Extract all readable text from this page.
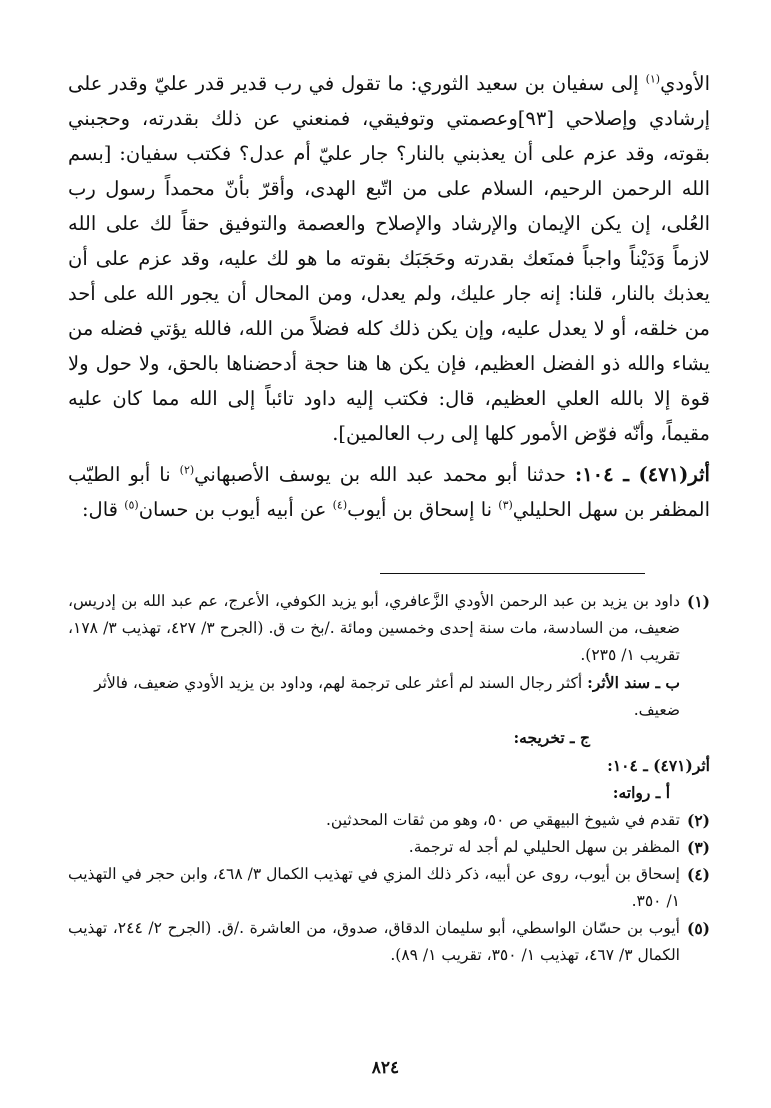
الأودي$^{(١)}$ إلى سفيان بن سعيد الثوري: ما تقول في رب قدير قدر عليّ وقدر على إرشادي وإصلاحي [٩٣]وعصمتي وتوفيقي، فمنعني عن ذلك بقدرته، وحجبني بقوته، وقد عزم على أن يعذبني بالنار؟ جار عليّ أم عدل؟ فكتب سفيان: [بسم الله الرحمن الرحيم، السلام على من اتّبع الهدى، وأقرّ بأنّ محمداً رسول رب العُلى، إن يكن الإيمان والإرشاد والإصلاح والعصمة والتوفيق حقاً لك على الله لازماً وَدَيْناً واجباً فمنَعك بقدرته وحَجَبَك بقوته ما هو لك عليه، وقد عزم على أن يعذبك بالنار، قلنا: إنه جار عليك، ولم يعدل، ومن المحال أن يجور الله على أحد من خلقه، أو لا يعدل عليه، وإن يكن ذلك كله فضلاً من الله، فالله يؤتي فضله من يشاء والله ذو الفضل العظيم، فإن يكن ها هنا حجة أدحضناها بالحق، ولا حول ولا قوة إلا بالله العلي العظيم، قال: فكتب إليه داود تائباً إلى الله مما كان عليه مقيماً، وأنّه فوّض الأمور كلها إلى رب العالمين].

أثر(٤٧١) ـ ١٠٤: حدثنا أبو محمد عبد الله بن يوسف الأصبهاني$^{(٢)}$ نا أبو الطيّب المظفر بن سهل الحليلي$^{(٣)}$ نا إسحاق بن أيوب$^{(٤)}$ عن أبيه أيوب بن حسان$^{(٥)}$ قال:

(١)
داود بن يزيد بن عبد الرحمن الأودي الزَّعافري، أبو يزيد الكوفي، الأعرج، عم عبد الله بن إدريس، ضعيف، من السادسة، مات سنة إحدى وخمسين ومائة ./بخ ت ق. (الجرح ٣/ ٤٢٧، تهذيب ٣/ ١٧٨، تقريب ١/ ٢٣٥).
ب ـ سند الأثر: أكثر رجال السند لم أعثر على ترجمة لهم، وداود بن يزيد الأودي ضعيف، فالأثر ضعيف.
ج ـ تخريجه:
أثر(٤٧١) ـ ١٠٤:
أ ـ رواته:
(٢)
تقدم في شيوخ البيهقي ص ٥٠، وهو من ثقات المحدثين.
(٣)
المظفر بن سهل الحليلي لم أجد له ترجمة.
(٤)
إسحاق بن أيوب، روى عن أبيه، ذكر ذلك المزي في تهذيب الكمال ٣/ ٤٦٨، وابن حجر في التهذيب ١/ ٣٥٠.
(٥)
أيوب بن حسّان الواسطي، أبو سليمان الدقاق، صدوق، من العاشرة ./ق. (الجرح ٢/ ٢٤٤، تهذيب الكمال ٣/ ٤٦٧، تهذيب ١/ ٣٥٠، تقريب ١/ ٨٩).
٨٢٤
